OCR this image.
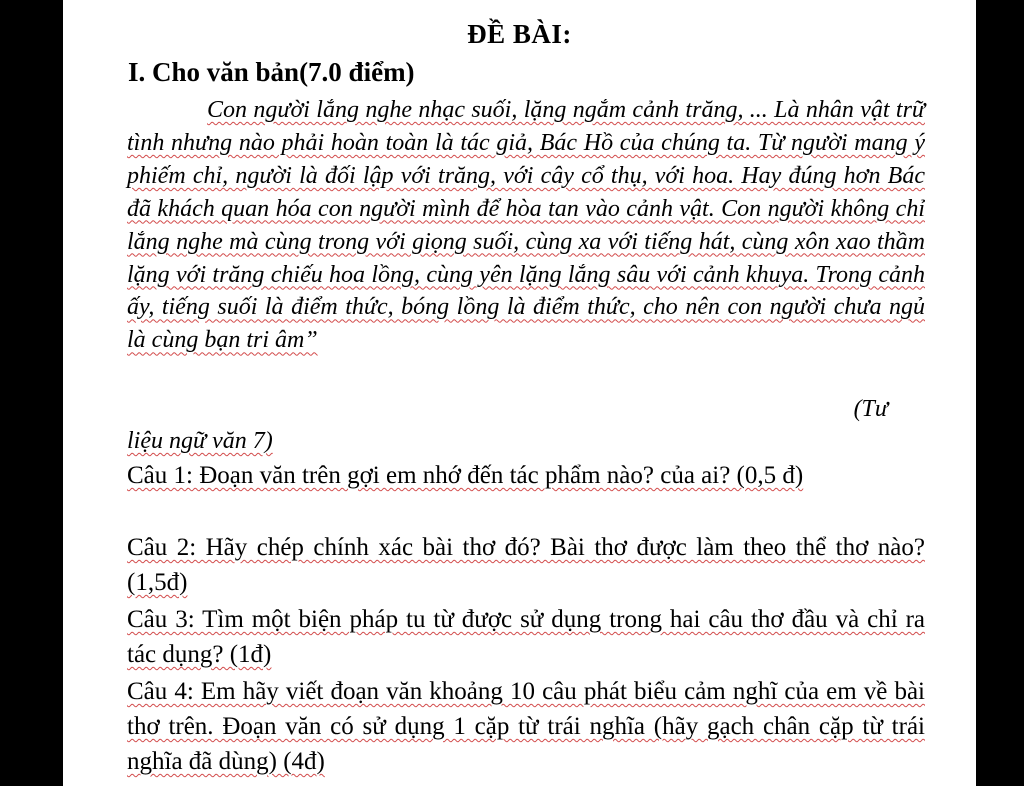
ĐỀ BÀI:
I. Cho văn bản(7.0 điểm)

Con người lắng nghe nhạc suối, lặng ngắm cảnh trăng, ... Là nhân vật trữ tình nhưng nào phải hoàn toàn là tác giả, Bác Hồ của chúng ta. Từ người mang ý phiếm chỉ, người là đối lập với trăng, với cây cổ thụ, với hoa. Hay đúng hơn Bác đã khách quan hóa con người mình để hòa tan vào cảnh vật. Con người không chỉ lắng nghe mà cùng trong với giọng suối, cùng xa với tiếng hát, cùng xôn xao thầm lặng với trăng chiếu hoa lồng, cùng yên lặng lắng sâu với cảnh khuya. Trong cảnh ấy, tiếng suối là điểm thức, bóng lồng là điểm thức, cho nên con người chưa ngủ là cùng bạn tri âm”

(Tư
liệu ngữ văn 7)

Câu 1: Đoạn văn trên gợi em nhớ đến tác phẩm nào? của ai? (0,5 đ)

Câu 2: Hãy chép chính xác bài thơ đó? Bài thơ được làm theo thể thơ nào? (1,5đ)

Câu 3: Tìm một biện pháp tu từ được sử dụng trong hai câu thơ đầu và chỉ ra tác dụng? (1đ)

Câu 4: Em hãy viết đoạn văn khoảng 10 câu phát biểu cảm nghĩ của em về bài thơ trên. Đoạn văn có sử dụng 1 cặp từ trái nghĩa (hãy gạch chân cặp từ trái nghĩa đã dùng) (4đ)
